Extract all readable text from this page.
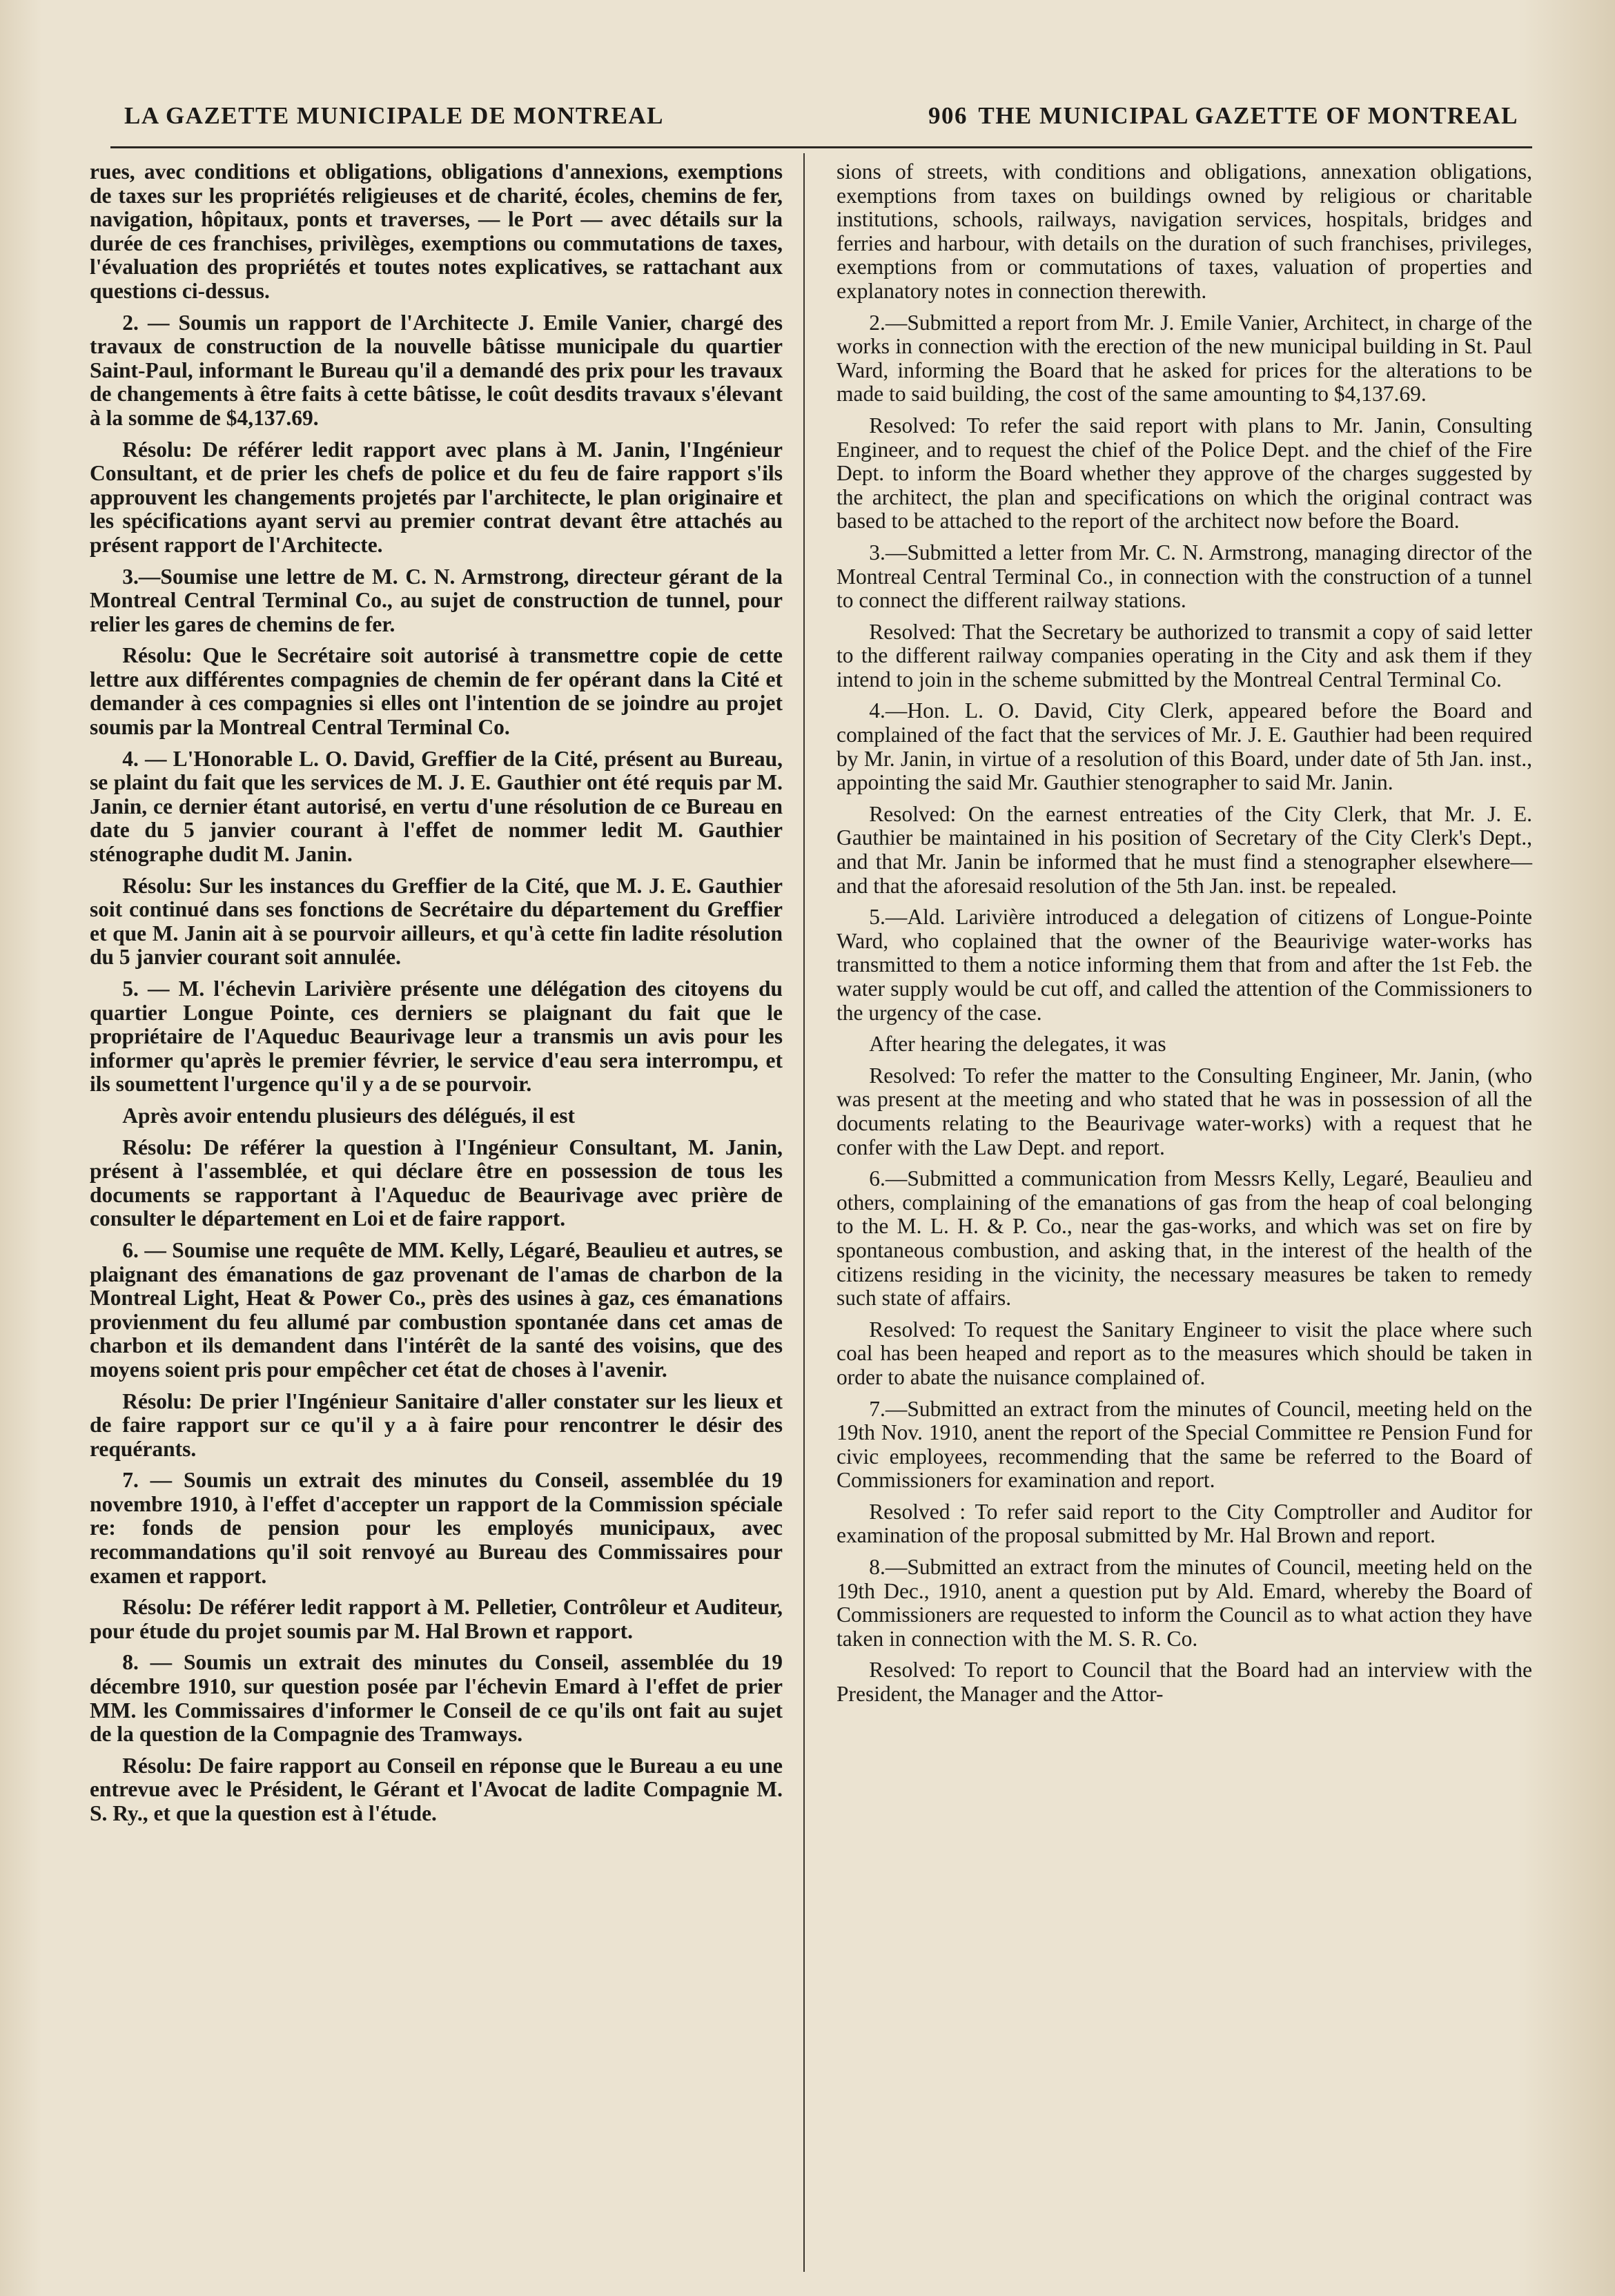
LA GAZETTE MUNICIPALE DE MONTREAL	906 THE MUNICIPAL GAZETTE OF MONTREAL

rues, avec conditions et obligations, obligations d'annexions, exemptions de taxes sur les propriétés religieuses et de charité, écoles, chemins de fer, navigation, hôpitaux, ponts et traverses, — le Port — avec détails sur la durée de ces franchises, privilèges, exemptions ou commutations de taxes, l'évaluation des propriétés et toutes notes explicatives, se rattachant aux questions ci-dessus.

2. — Soumis un rapport de l'Architecte J. Emile Vanier, chargé des travaux de construction de la nouvelle bâtisse municipale du quartier Saint-Paul, informant le Bureau qu'il a demandé des prix pour les travaux de changements à être faits à cette bâtisse, le coût desdits travaux s'élevant à la somme de $4,137.69.

Résolu: De référer ledit rapport avec plans à M. Janin, l'Ingénieur Consultant, et de prier les chefs de police et du feu de faire rapport s'ils approuvent les changements projetés par l'architecte, le plan originaire et les spécifications ayant servi au premier contrat devant être attachés au présent rapport de l'Architecte.

3.—Soumise une lettre de M. C. N. Armstrong, directeur gérant de la Montreal Central Terminal Co., au sujet de construction de tunnel, pour relier les gares de chemins de fer.

Résolu: Que le Secrétaire soit autorisé à transmettre copie de cette lettre aux différentes compagnies de chemin de fer opérant dans la Cité et demander à ces compagnies si elles ont l'intention de se joindre au projet soumis par la Montreal Central Terminal Co.

4. — L'Honorable L. O. David, Greffier de la Cité, présent au Bureau, se plaint du fait que les services de M. J. E. Gauthier ont été requis par M. Janin, ce dernier étant autorisé, en vertu d'une résolution de ce Bureau en date du 5 janvier courant à l'effet de nommer ledit M. Gauthier sténographe dudit M. Janin.

Résolu: Sur les instances du Greffier de la Cité, que M. J. E. Gauthier soit continué dans ses fonctions de Secrétaire du département du Greffier et que M. Janin ait à se pourvoir ailleurs, et qu'à cette fin ladite résolution du 5 janvier courant soit annulée.

5. — M. l'échevin Larivière présente une délégation des citoyens du quartier Longue Pointe, ces derniers se plaignant du fait que le propriétaire de l'Aqueduc Beaurivage leur a transmis un avis pour les informer qu'après le premier février, le service d'eau sera interrompu, et ils soumettent l'urgence qu'il y a de se pourvoir.

Après avoir entendu plusieurs des délégués, il est

Résolu: De référer la question à l'Ingénieur Consultant, M. Janin, présent à l'assemblée, et qui déclare être en possession de tous les documents se rapportant à l'Aqueduc de Beaurivage avec prière de consulter le département en Loi et de faire rapport.

6. — Soumise une requête de MM. Kelly, Légaré, Beaulieu et autres, se plaignant des émanations de gaz provenant de l'amas de charbon de la Montreal Light, Heat & Power Co., près des usines à gaz, ces émanations provienment du feu allumé par combustion spontanée dans cet amas de charbon et ils demandent dans l'intérêt de la santé des voisins, que des moyens soient pris pour empêcher cet état de choses à l'avenir.

Résolu: De prier l'Ingénieur Sanitaire d'aller constater sur les lieux et de faire rapport sur ce qu'il y a à faire pour rencontrer le désir des requérants.

7. — Soumis un extrait des minutes du Conseil, assemblée du 19 novembre 1910, à l'effet d'accepter un rapport de la Commission spéciale re: fonds de pension pour les employés municipaux, avec recommandations qu'il soit renvoyé au Bureau des Commissaires pour examen et rapport.

Résolu: De référer ledit rapport à M. Pelletier, Contrôleur et Auditeur, pour étude du projet soumis par M. Hal Brown et rapport.

8. — Soumis un extrait des minutes du Conseil, assemblée du 19 décembre 1910, sur question posée par l'échevin Emard à l'effet de prier MM. les Commissaires d'informer le Conseil de ce qu'ils ont fait au sujet de la question de la Compagnie des Tramways.

Résolu: De faire rapport au Conseil en réponse que le Bureau a eu une entrevue avec le Président, le Gérant et l'Avocat de ladite Compagnie M. S. Ry., et que la question est à l'étude.

sions of streets, with conditions and obligations, annexation obligations, exemptions from taxes on buildings owned by religious or charitable institutions, schools, railways, navigation services, hospitals, bridges and ferries and harbour, with details on the duration of such franchises, privileges, exemptions from or commutations of taxes, valuation of properties and explanatory notes in connection therewith.

2.—Submitted a report from Mr. J. Emile Vanier, Architect, in charge of the works in connection with the erection of the new municipal building in St. Paul Ward, informing the Board that he asked for prices for the alterations to be made to said building, the cost of the same amounting to $4,137.69.

Resolved: To refer the said report with plans to Mr. Janin, Consulting Engineer, and to request the chief of the Police Dept. and the chief of the Fire Dept. to inform the Board whether they approve of the charges suggested by the architect, the plan and specifications on which the original contract was based to be attached to the report of the architect now before the Board.

3.—Submitted a letter from Mr. C. N. Armstrong, managing director of the Montreal Central Terminal Co., in connection with the construction of a tunnel to connect the different railway stations.

Resolved: That the Secretary be authorized to transmit a copy of said letter to the different railway companies operating in the City and ask them if they intend to join in the scheme submitted by the Montreal Central Terminal Co.

4.—Hon. L. O. David, City Clerk, appeared before the Board and complained of the fact that the services of Mr. J. E. Gauthier had been required by Mr. Janin, in virtue of a resolution of this Board, under date of 5th Jan. inst., appointing the said Mr. Gauthier stenographer to said Mr. Janin.

Resolved: On the earnest entreaties of the City Clerk, that Mr. J. E. Gauthier be maintained in his position of Secretary of the City Clerk's Dept., and that Mr. Janin be informed that he must find a stenographer elsewhere—and that the aforesaid resolution of the 5th Jan. inst. be repealed.

5.—Ald. Larivière introduced a delegation of citizens of Longue-Pointe Ward, who coplained that the owner of the Beaurivige water-works has transmitted to them a notice informing them that from and after the 1st Feb. the water supply would be cut off, and called the attention of the Commissioners to the urgency of the case.

After hearing the delegates, it was

Resolved: To refer the matter to the Consulting Engineer, Mr. Janin, (who was present at the meeting and who stated that he was in possession of all the documents relating to the Beaurivage water-works) with a request that he confer with the Law Dept. and report.

6.—Submitted a communication from Messrs Kelly, Legaré, Beaulieu and others, complaining of the emanations of gas from the heap of coal belonging to the M. L. H. & P. Co., near the gas-works, and which was set on fire by spontaneous combustion, and asking that, in the interest of the health of the citizens residing in the vicinity, the necessary measures be taken to remedy such state of affairs.

Resolved: To request the Sanitary Engineer to visit the place where such coal has been heaped and report as to the measures which should be taken in order to abate the nuisance complained of.

7.—Submitted an extract from the minutes of Council, meeting held on the 19th Nov. 1910, anent the report of the Special Committee re Pension Fund for civic employees, recommending that the same be referred to the Board of Commissioners for examination and report.

Resolved : To refer said report to the City Comptroller and Auditor for examination of the proposal submitted by Mr. Hal Brown and report.

8.—Submitted an extract from the minutes of Council, meeting held on the 19th Dec., 1910, anent a question put by Ald. Emard, whereby the Board of Commissioners are requested to inform the Council as to what action they have taken in connection with the M. S. R. Co.

Resolved: To report to Council that the Board had an interview with the President, the Manager and the Attor-
